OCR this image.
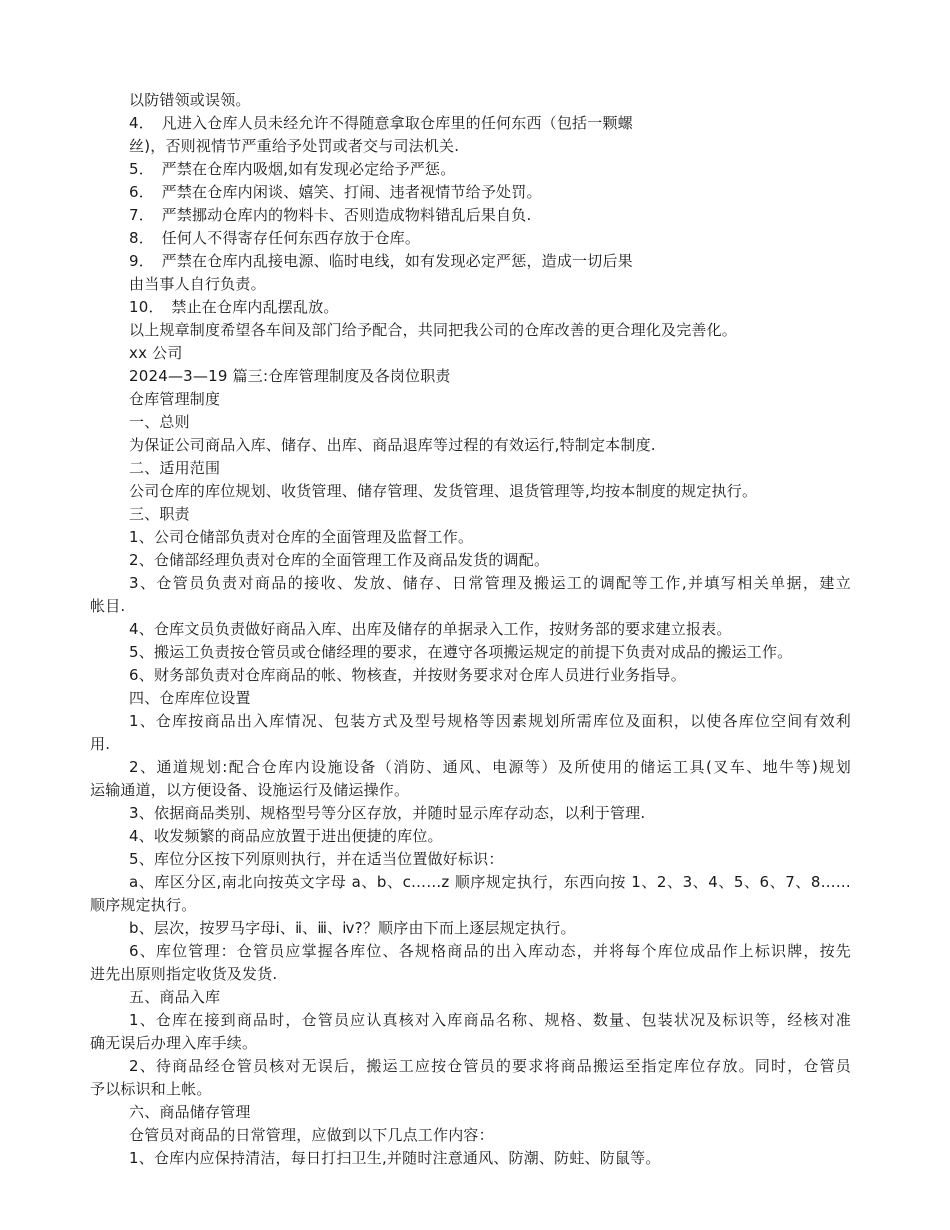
以防错领或误领。
4．　凡进入仓库人员未经允许不得随意拿取仓库里的任何东西（包括一颗螺
丝)，否则视情节严重给予处罚或者交与司法机关.
5．　严禁在仓库内吸烟,如有发现必定给予严惩。
6．　严禁在仓库内闲谈、嬉笑、打闹、违者视情节给予处罚。
7．　严禁挪动仓库内的物料卡、否则造成物料错乱后果自负.
8．　任何人不得寄存任何东西存放于仓库。
9．　严禁在仓库内乱接电源、临时电线，如有发现必定严惩，造成一切后果
由当事人自行负责。
10．　禁止在仓库内乱摆乱放。
以上规章制度希望各车间及部门给予配合，共同把我公司的仓库改善的更合理化及完善化。
xx 公司
2024—3—19 篇三:仓库管理制度及各岗位职责
仓库管理制度
一、总则
为保证公司商品入库、储存、出库、商品退库等过程的有效运行,特制定本制度.
二、适用范围
公司仓库的库位规划、收货管理、储存管理、发货管理、退货管理等,均按本制度的规定执行。
三、职责
1、公司仓储部负责对仓库的全面管理及监督工作。
2、仓储部经理负责对仓库的全面管理工作及商品发货的调配。
3、仓管员负责对商品的接收、发放、储存、日常管理及搬运工的调配等工作,并填写相关单据，建立
帐目.
4、仓库文员负责做好商品入库、出库及储存的单据录入工作，按财务部的要求建立报表。
5、搬运工负责按仓管员或仓储经理的要求，在遵守各项搬运规定的前提下负责对成品的搬运工作。
6、财务部负责对仓库商品的帐、物核查，并按财务要求对仓库人员进行业务指导。
四、仓库库位设置
1、仓库按商品出入库情况、包装方式及型号规格等因素规划所需库位及面积，以使各库位空间有效利
用.
2、通道规划:配合仓库内设施设备（消防、通风、电源等）及所使用的储运工具(叉车、地牛等)规划
运输通道，以方便设备、设施运行及储运操作。
3、依据商品类别、规格型号等分区存放，并随时显示库存动态，以利于管理.
4、收发频繁的商品应放置于进出便捷的库位。
5、库位分区按下列原则执行，并在适当位置做好标识：
a、库区分区,南北向按英文字母 a、b、c……z 顺序规定执行，东西向按 1、2、3、4、5、6、7、8……
顺序规定执行。
b、层次，按罗马字母ⅰ、ⅱ、ⅲ、ⅳ?？顺序由下而上逐层规定执行。
6、库位管理：仓管员应掌握各库位、各规格商品的出入库动态，并将每个库位成品作上标识牌，按先
进先出原则指定收货及发货.
五、商品入库
1、仓库在接到商品时，仓管员应认真核对入库商品名称、规格、数量、包装状况及标识等，经核对准
确无误后办理入库手续。
2、待商品经仓管员核对无误后，搬运工应按仓管员的要求将商品搬运至指定库位存放。同时，仓管员
予以标识和上帐。
六、商品储存管理
仓管员对商品的日常管理，应做到以下几点工作内容：
1、仓库内应保持清洁，每日打扫卫生,并随时注意通风、防潮、防蛀、防鼠等。
